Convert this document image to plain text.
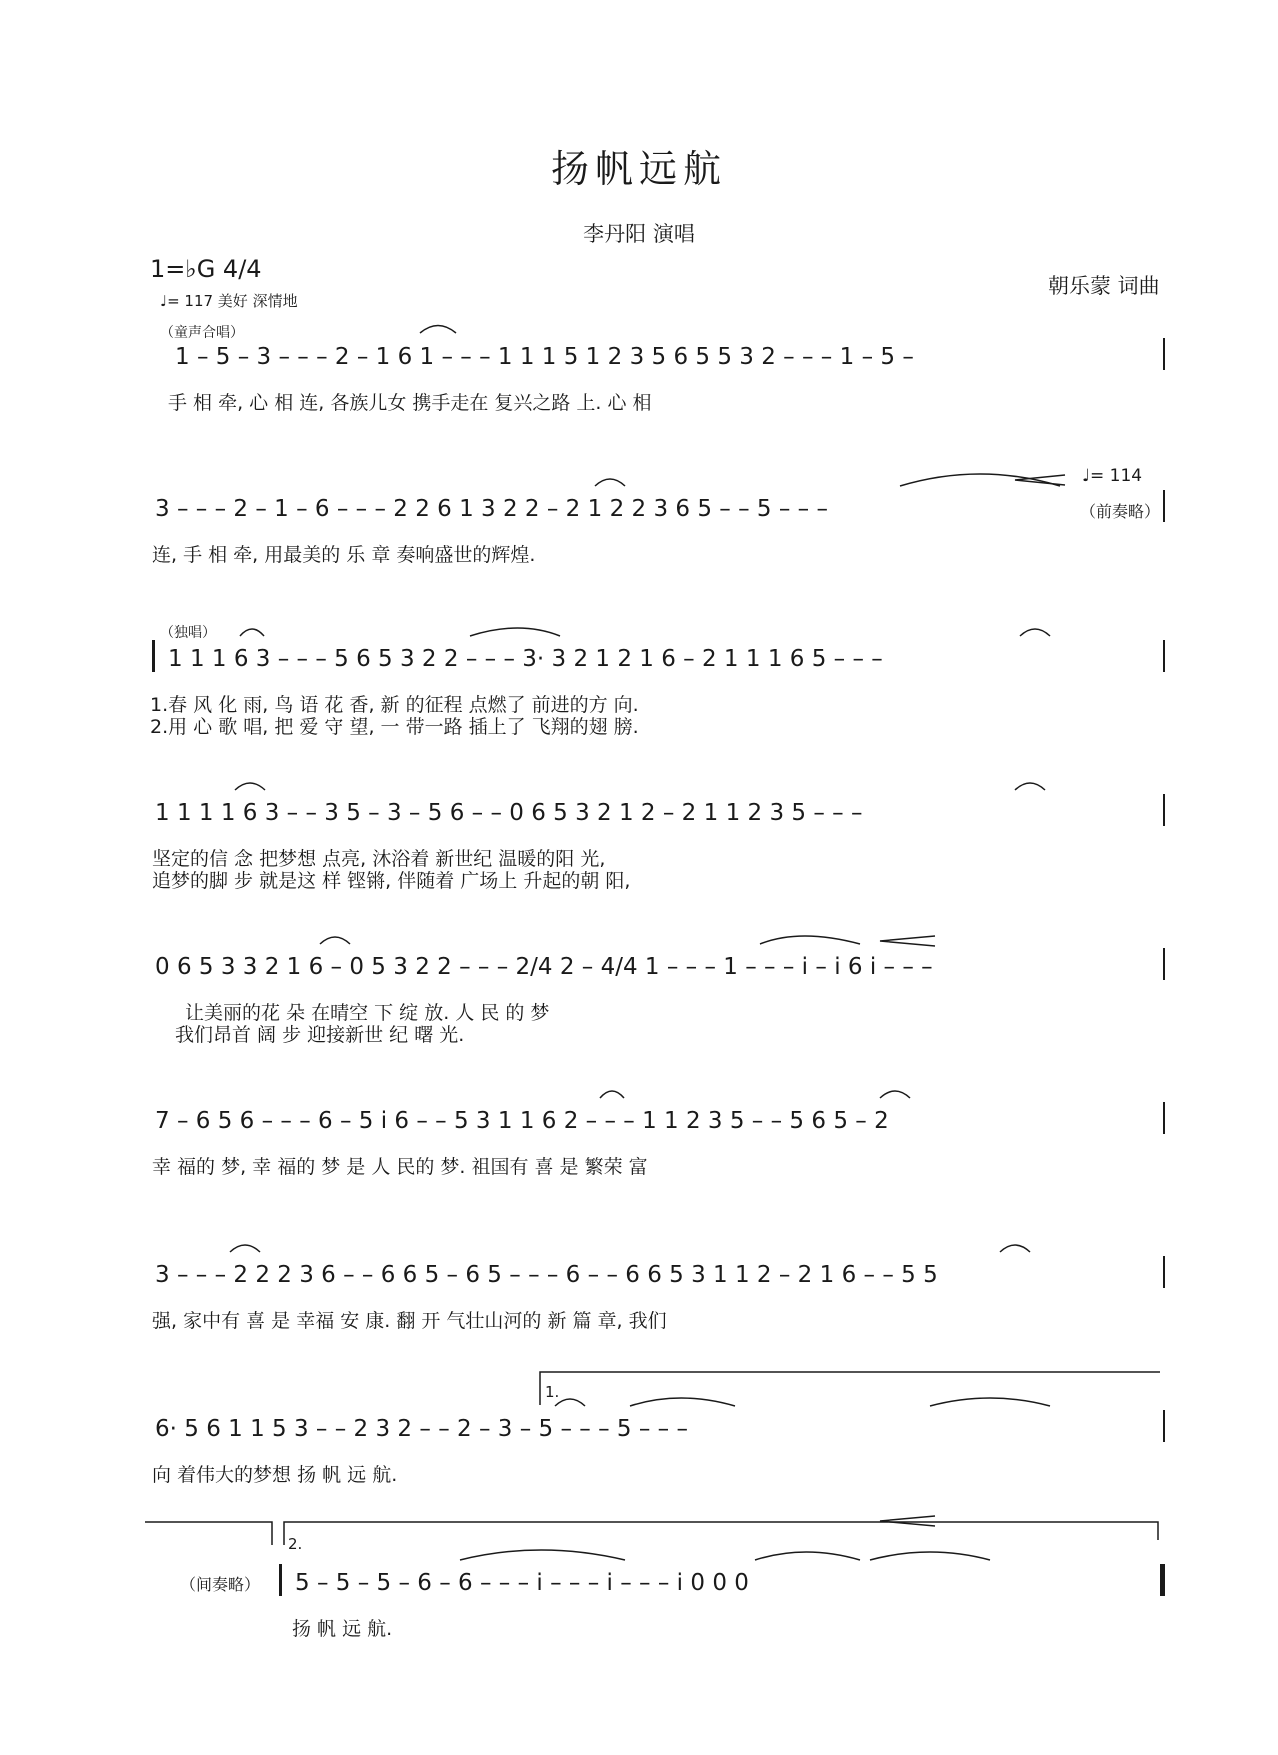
扬帆远航
李丹阳 演唱
1=♭G 4/4
♩= 117 美好 深情地
朝乐蒙 词曲
（童声合唱）
1 – 5 – 3 – – – 2 – 1 6 1 – – – 1 1 1 5 1 2 3 5 6 5 5 3 2 – – – 1 – 5 –
手 相 牵, 心 相 连, 各族儿女 携手走在 复兴之路 上. 心 相
♩= 114
3 – – – 2 – 1 – 6 – – – 2 2 6 1 3 2 2 – 2 1 2 2 3 6 5 – – 5 – – –	（前奏略）
连, 手 相 牵, 用最美的 乐 章 奏响盛世的辉煌.
（独唱）
1 1 1 6 3 – – – 5 6 5 3 2 2 – – – 3· 3 2 1 2 1 6 – 2 1 1 1 6 5 – – –
1.春 风 化 雨, 鸟 语 花 香, 新 的征程 点燃了 前进的方 向.
2.用 心 歌 唱, 把 爱 守 望, 一 带一路 插上了 飞翔的翅 膀.
1 1 1 1 6 3 – – 3 5 – 3 – 5 6 – – 0 6 5 3 2 1 2 – 2 1 1 2 3 5 – – –
坚定的信 念 把梦想 点亮, 沐浴着 新世纪 温暖的阳 光,
追梦的脚 步 就是这 样 铿锵, 伴随着 广场上 升起的朝 阳,
0 6 5 3 3 2 1 6 – 0 5 3 2 2 – – – 2/4 2 – 4/4 1 – – – 1 – – – i – i 6 i – – –
让美丽的花 朵 在晴空 下 绽 放. 人 民 的 梦
我们昂首 阔 步 迎接新世 纪 曙 光.
7 – 6 5 6 – – – 6 – 5 i 6 – – 5 3 1 1 6 2 – – – 1 1 2 3 5 – – 5 6 5 – 2
幸 福的 梦, 幸 福的 梦 是 人 民的 梦. 祖国有 喜 是 繁荣 富
3 – – – 2 2 2 3 6 – – 6 6 5 – 6 5 – – – 6 – – 6 6 5 3 1 1 2 – 2 1 6 – – 5 5
强, 家中有 喜 是 幸福 安 康. 翻 开 气壮山河的 新 篇 章, 我们
1.
6· 5 6 1 1 5 3 – – 2 3 2 – – 2 – 3 – 5 – – – 5 – – –
向 着伟大的梦想 扬 帆 远 航.
2.
（间奏略） 5 – 5 – 5 – 6 – 6 – – – i – – – i – – – i 0 0 0
扬 帆 远 航.
